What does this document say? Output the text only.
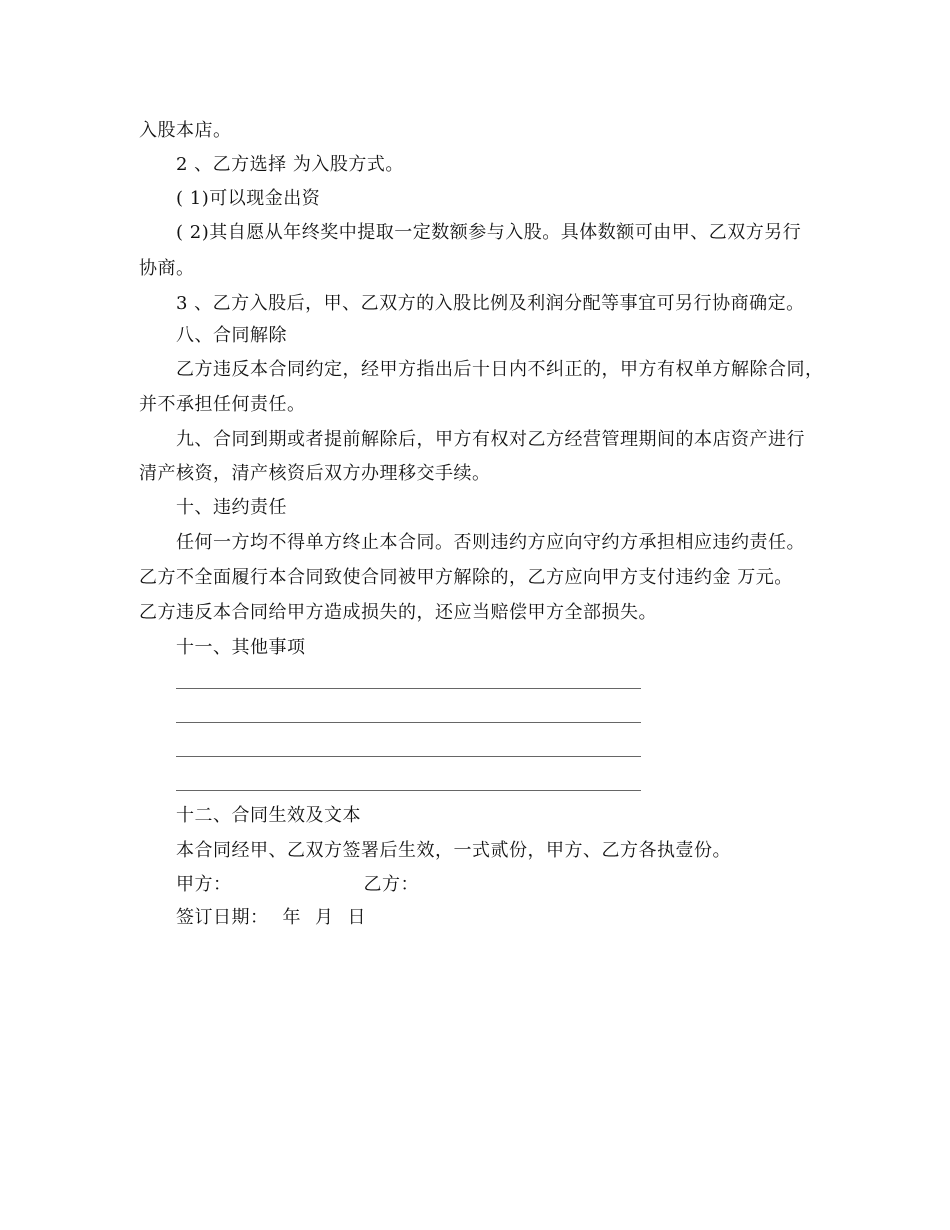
入股本店。
2 、乙方选择 为入股方式。
( 1)可以现金出资
( 2)其自愿从年终奖中提取一定数额参与入股。具体数额可由甲、乙双方另行
协商。
3 、乙方入股后，甲、乙双方的入股比例及利润分配等事宜可另行协商确定。
八、合同解除
乙方违反本合同约定，经甲方指出后十日内不纠正的，甲方有权单方解除合同，
并不承担任何责任。
九、合同到期或者提前解除后，甲方有权对乙方经营管理期间的本店资产进行
清产核资，清产核资后双方办理移交手续。
十、违约责任
任何一方均不得单方终止本合同。否则违约方应向守约方承担相应违约责任。
乙方不全面履行本合同致使合同被甲方解除的，乙方应向甲方支付违约金 万元。
乙方违反本合同给甲方造成损失的，还应当赔偿甲方全部损失。
十一、其他事项
十二、合同生效及文本
本合同经甲、乙双方签署后生效，一式贰份，甲方、乙方各执壹份。
甲方：	乙方：
签订日期： 年 月 日
